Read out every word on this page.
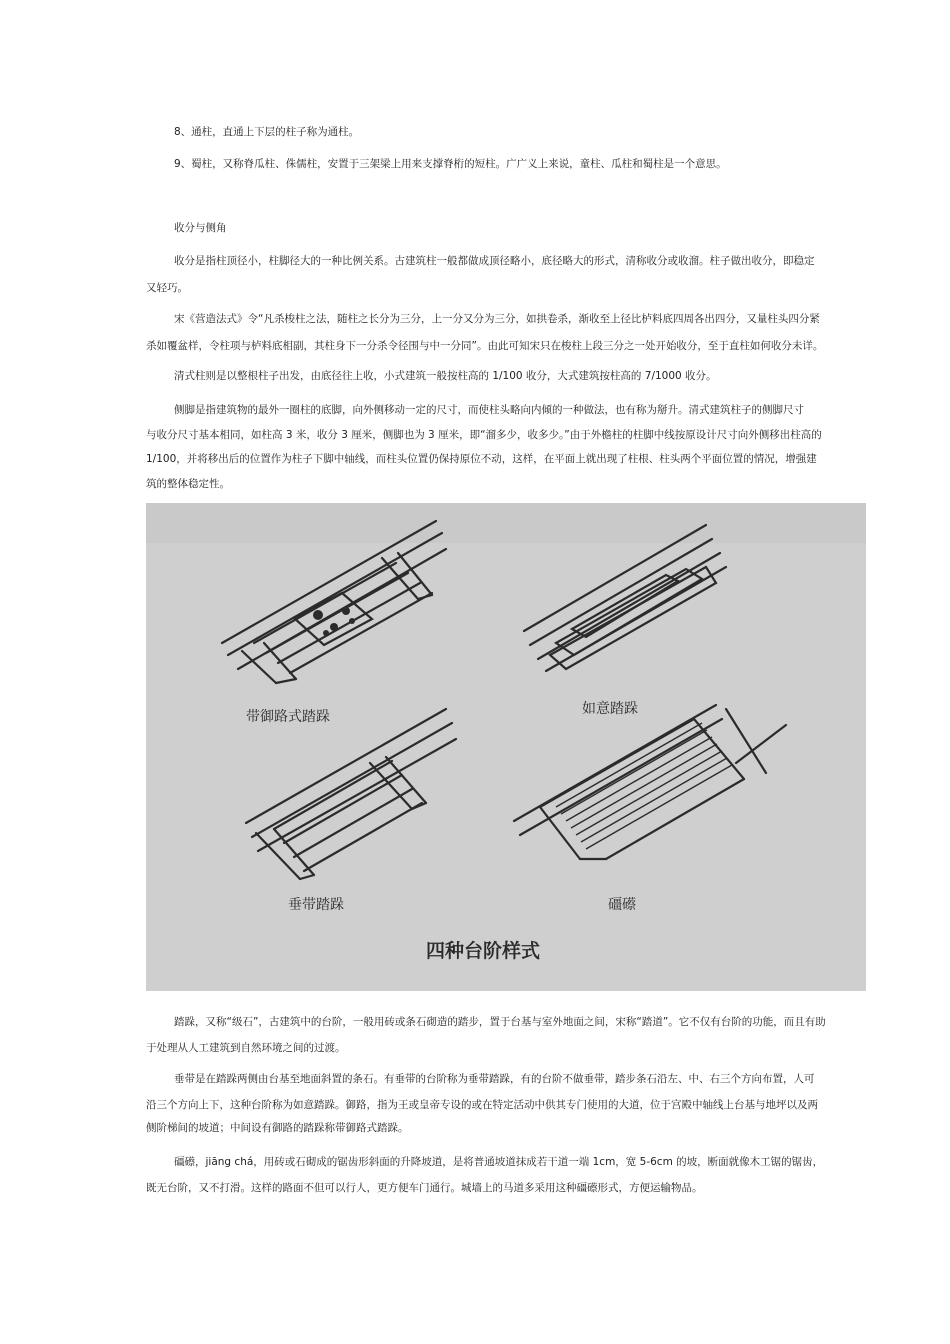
8、通柱，直通上下层的柱子称为通柱。
9、蜀柱，又称脊瓜柱、侏儒柱，安置于三架梁上用来支撑脊桁的短柱。广广义上来说，童柱、瓜柱和蜀柱是一个意思。
收分与侧角
收分是指柱顶径小，柱脚径大的一种比例关系。古建筑柱一般都做成顶径略小，底径略大的形式，清称收分或收溜。柱子做出收分，即稳定
又轻巧。
宋《营造法式》令“凡杀梭柱之法，随柱之长分为三分，上一分又分为三分，如拱卷杀，渐收至上径比栌料底四周各出四分，又量柱头四分紧
杀如覆盆样，令柱项与栌料底相副，其柱身下一分杀令径围与中一分同”。由此可知宋只在梭柱上段三分之一处开始收分，至于直柱如何收分未详。
清式柱则是以整根柱子出发，由底径往上收，小式建筑一般按柱高的 1/100 收分，大式建筑按柱高的 7/1000 收分。
侧脚是指建筑物的最外一圈柱的底脚，向外侧移动一定的尺寸，而使柱头略向内倾的一种做法，也有称为掰升。清式建筑柱子的侧脚尺寸
与收分尺寸基本相同，如柱高 3 米，收分 3 厘米，侧脚也为 3 厘米，即“溜多少，收多少。”由于外檐柱的柱脚中线按原设计尺寸向外侧移出柱高的
1/100，并将移出后的位置作为柱子下脚中轴线，而柱头位置仍保持原位不动，这样，在平面上就出现了柱根、柱头两个平面位置的情况，增强建
筑的整体稳定性。
带御路式踏跺	如意踏跺
垂带踏跺	礓礤
四种台阶样式
踏跺，又称“级石”，古建筑中的台阶，一般用砖或条石砌造的踏步，置于台基与室外地面之间，宋称“踏道”。它不仅有台阶的功能，而且有助
于处理从人工建筑到自然环境之间的过渡。
垂带是在踏跺两侧由台基至地面斜置的条石。有垂带的台阶称为垂带踏跺，有的台阶不做垂带，踏步条石沿左、中、右三个方向布置，人可
沿三个方向上下，这种台阶称为如意踏跺。御路，指为王或皇帝专设的或在特定活动中供其专门使用的大道，位于宫殿中轴线上台基与地坪以及两
侧阶梯间的坡道；中间设有御路的踏跺称带御路式踏跺。
礓礤，jiāng chá，用砖或石砌成的锯齿形斜面的升降坡道，是将普通坡道抹成若干道一端 1cm，宽 5-6cm 的坡，断面就像木工锯的锯齿，
既无台阶，又不打滑。这样的路面不但可以行人，更方便车门通行。城墙上的马道多采用这种礓礤形式，方便运输物品。
